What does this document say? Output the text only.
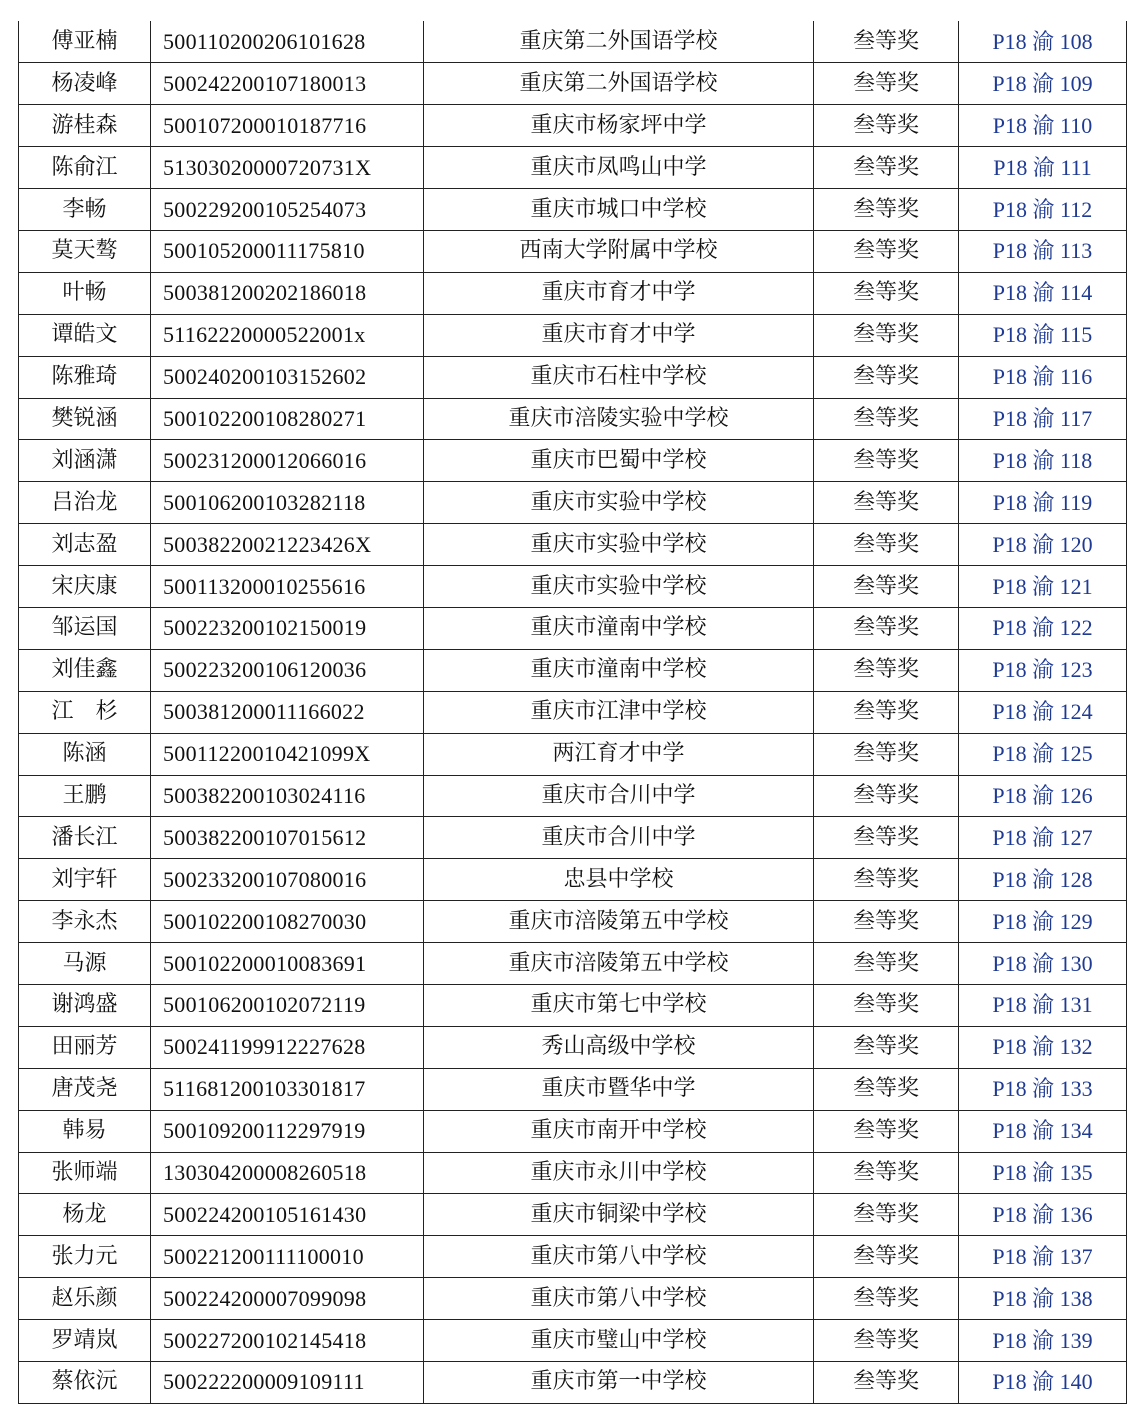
傅亚楠	500110200206101628	重庆第二外国语学校	叁等奖	P18 渝 108
杨凌峰	500242200107180013	重庆第二外国语学校	叁等奖	P18 渝 109
游桂森	500107200010187716	重庆市杨家坪中学	叁等奖	P18 渝 110
陈俞江	51303020000720731X	重庆市凤鸣山中学	叁等奖	P18 渝 111
李畅	500229200105254073	重庆市城口中学校	叁等奖	P18 渝 112
莫天骜	500105200011175810	西南大学附属中学校	叁等奖	P18 渝 113
叶畅	500381200202186018	重庆市育才中学	叁等奖	P18 渝 114
谭皓文	51162220000522001x	重庆市育才中学	叁等奖	P18 渝 115
陈雅琦	500240200103152602	重庆市石柱中学校	叁等奖	P18 渝 116
樊锐涵	500102200108280271	重庆市涪陵实验中学校	叁等奖	P18 渝 117
刘涵潇	500231200012066016	重庆市巴蜀中学校	叁等奖	P18 渝 118
吕治龙	500106200103282118	重庆市实验中学校	叁等奖	P18 渝 119
刘志盈	50038220021223426X	重庆市实验中学校	叁等奖	P18 渝 120
宋庆康	500113200010255616	重庆市实验中学校	叁等奖	P18 渝 121
邹运国	500223200102150019	重庆市潼南中学校	叁等奖	P18 渝 122
刘佳鑫	500223200106120036	重庆市潼南中学校	叁等奖	P18 渝 123
江　杉	500381200011166022	重庆市江津中学校	叁等奖	P18 渝 124
陈涵	50011220010421099X	两江育才中学	叁等奖	P18 渝 125
王鹏	500382200103024116	重庆市合川中学	叁等奖	P18 渝 126
潘长江	500382200107015612	重庆市合川中学	叁等奖	P18 渝 127
刘宇轩	500233200107080016	忠县中学校	叁等奖	P18 渝 128
李永杰	500102200108270030	重庆市涪陵第五中学校	叁等奖	P18 渝 129
马源	500102200010083691	重庆市涪陵第五中学校	叁等奖	P18 渝 130
谢鸿盛	500106200102072119	重庆市第七中学校	叁等奖	P18 渝 131
田丽芳	500241199912227628	秀山高级中学校	叁等奖	P18 渝 132
唐茂尧	511681200103301817	重庆市暨华中学	叁等奖	P18 渝 133
韩易	500109200112297919	重庆市南开中学校	叁等奖	P18 渝 134
张师端	130304200008260518	重庆市永川中学校	叁等奖	P18 渝 135
杨龙	500224200105161430	重庆市铜梁中学校	叁等奖	P18 渝 136
张力元	500221200111100010	重庆市第八中学校	叁等奖	P18 渝 137
赵乐颜	500224200007099098	重庆市第八中学校	叁等奖	P18 渝 138
罗靖岚	500227200102145418	重庆市璧山中学校	叁等奖	P18 渝 139
蔡依沅	500222200009109111	重庆市第一中学校	叁等奖	P18 渝 140
